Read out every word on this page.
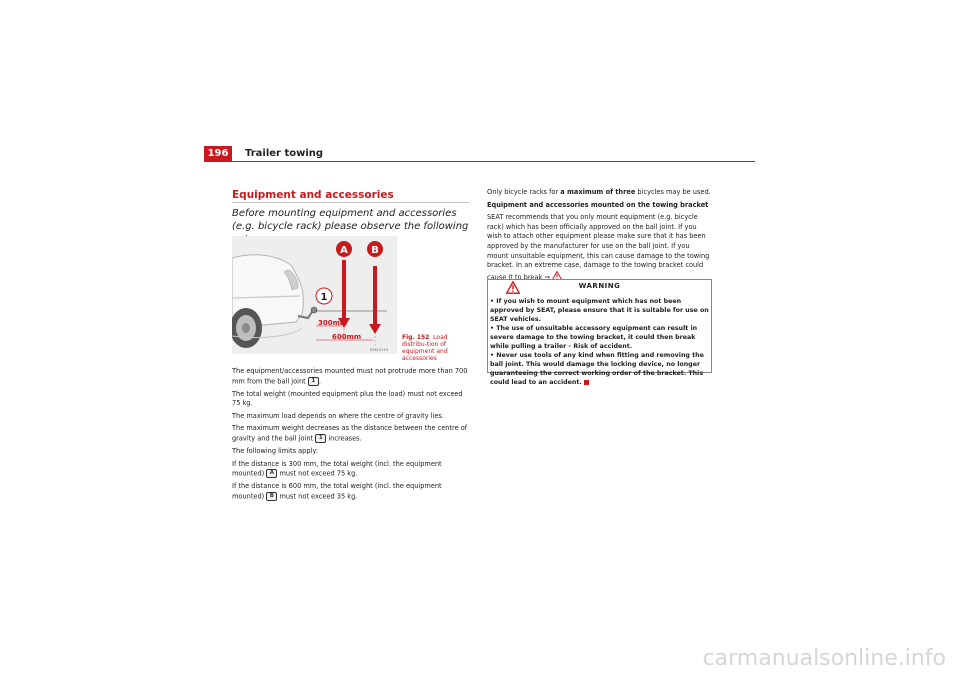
196	Trailer towing
Equipment and accessories
Before mounting equipment and accessories (e.g. bicycle rack) please observe the following
A B
1
300mm
600mm
B5M-0119
Fig. 152 Load distribu-tion of equipment and accessories

The equipment/accessories mounted must not protrude more than 700 mm from the ball joint 1 .

The total weight (mounted equipment plus the load) must not exceed 75 kg.

The maximum load depends on where the centre of gravity lies.

The maximum weight decreases as the distance between the centre of gravity and the ball joint 1 increases.

The following limits apply:

If the distance is 300 mm, the total weight (incl. the equipment mounted) A must not exceed 75 kg.

If the distance is 600 mm, the total weight (incl. the equipment mounted) B must not exceed 35 kg.

Only bicycle racks for a maximum of three bicycles may be used.

Equipment and accessories mounted on the towing bracket

SEAT recommends that you only mount equipment (e.g. bicycle rack) which has been officially approved on the ball joint. If you wish to attach other equipment please make sure that it has been approved by the manufacturer for use on the ball joint. If you mount unsuitable equipment, this can cause damage to the towing bracket. In an extreme case, damage to the towing bracket could cause it to break ⇒ .

WARNING
• If you wish to mount equipment which has not been approved by SEAT, please ensure that it is suitable for use on SEAT vehicles.
• The use of unsuitable accessory equipment can result in severe damage to the towing bracket, it could then break while pulling a trailer - Risk of accident.
• Never use tools of any kind when fitting and removing the ball joint. This would damage the locking device, no longer guaranteeing the correct working order of the bracket. This could lead to an accident.
carmanualsonline.info
